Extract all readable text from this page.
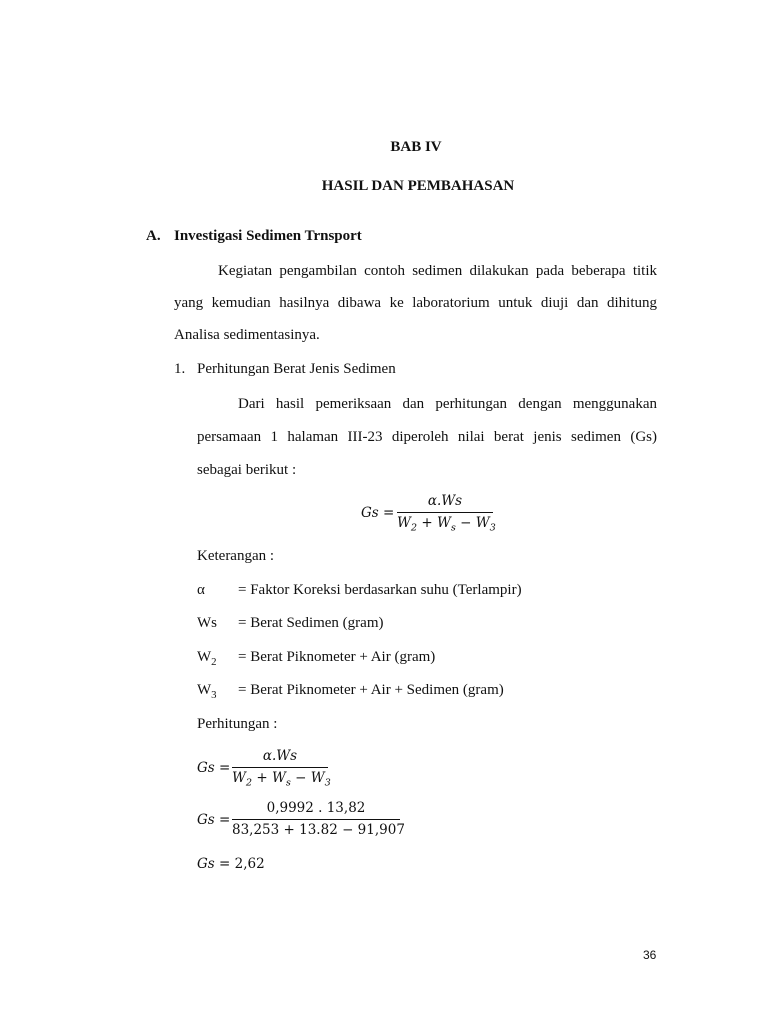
BAB IV
HASIL DAN PEMBAHASAN
A. Investigasi Sedimen Trnsport
Kegiatan pengambilan contoh sedimen dilakukan pada beberapa titik
yang kemudian hasilnya dibawa ke laboratorium untuk diuji dan dihitung
Analisa sedimentasinya.
1. Perhitungan Berat Jenis Sedimen
Dari hasil pemeriksaan dan perhitungan dengan menggunakan
persamaan 1 halaman III-23 diperoleh nilai berat jenis sedimen (Gs)
sebagai berikut :
Gs =
α.Ws
$W_2 + W_s - W_3$
Keterangan :
α = Faktor Koreksi berdasarkan suhu (Terlampir)
Ws = Berat Sedimen (gram)
$W_2$ = Berat Piknometer + Air (gram)
$W_3$ = Berat Piknometer + Air + Sedimen (gram)
Perhitungan :
Gs =
α.Ws
$W_2 + W_s - W_3$
Gs =
0,9992 . 13,82
83,253 + 13.82 − 91,907
Gs = 2,62
36
